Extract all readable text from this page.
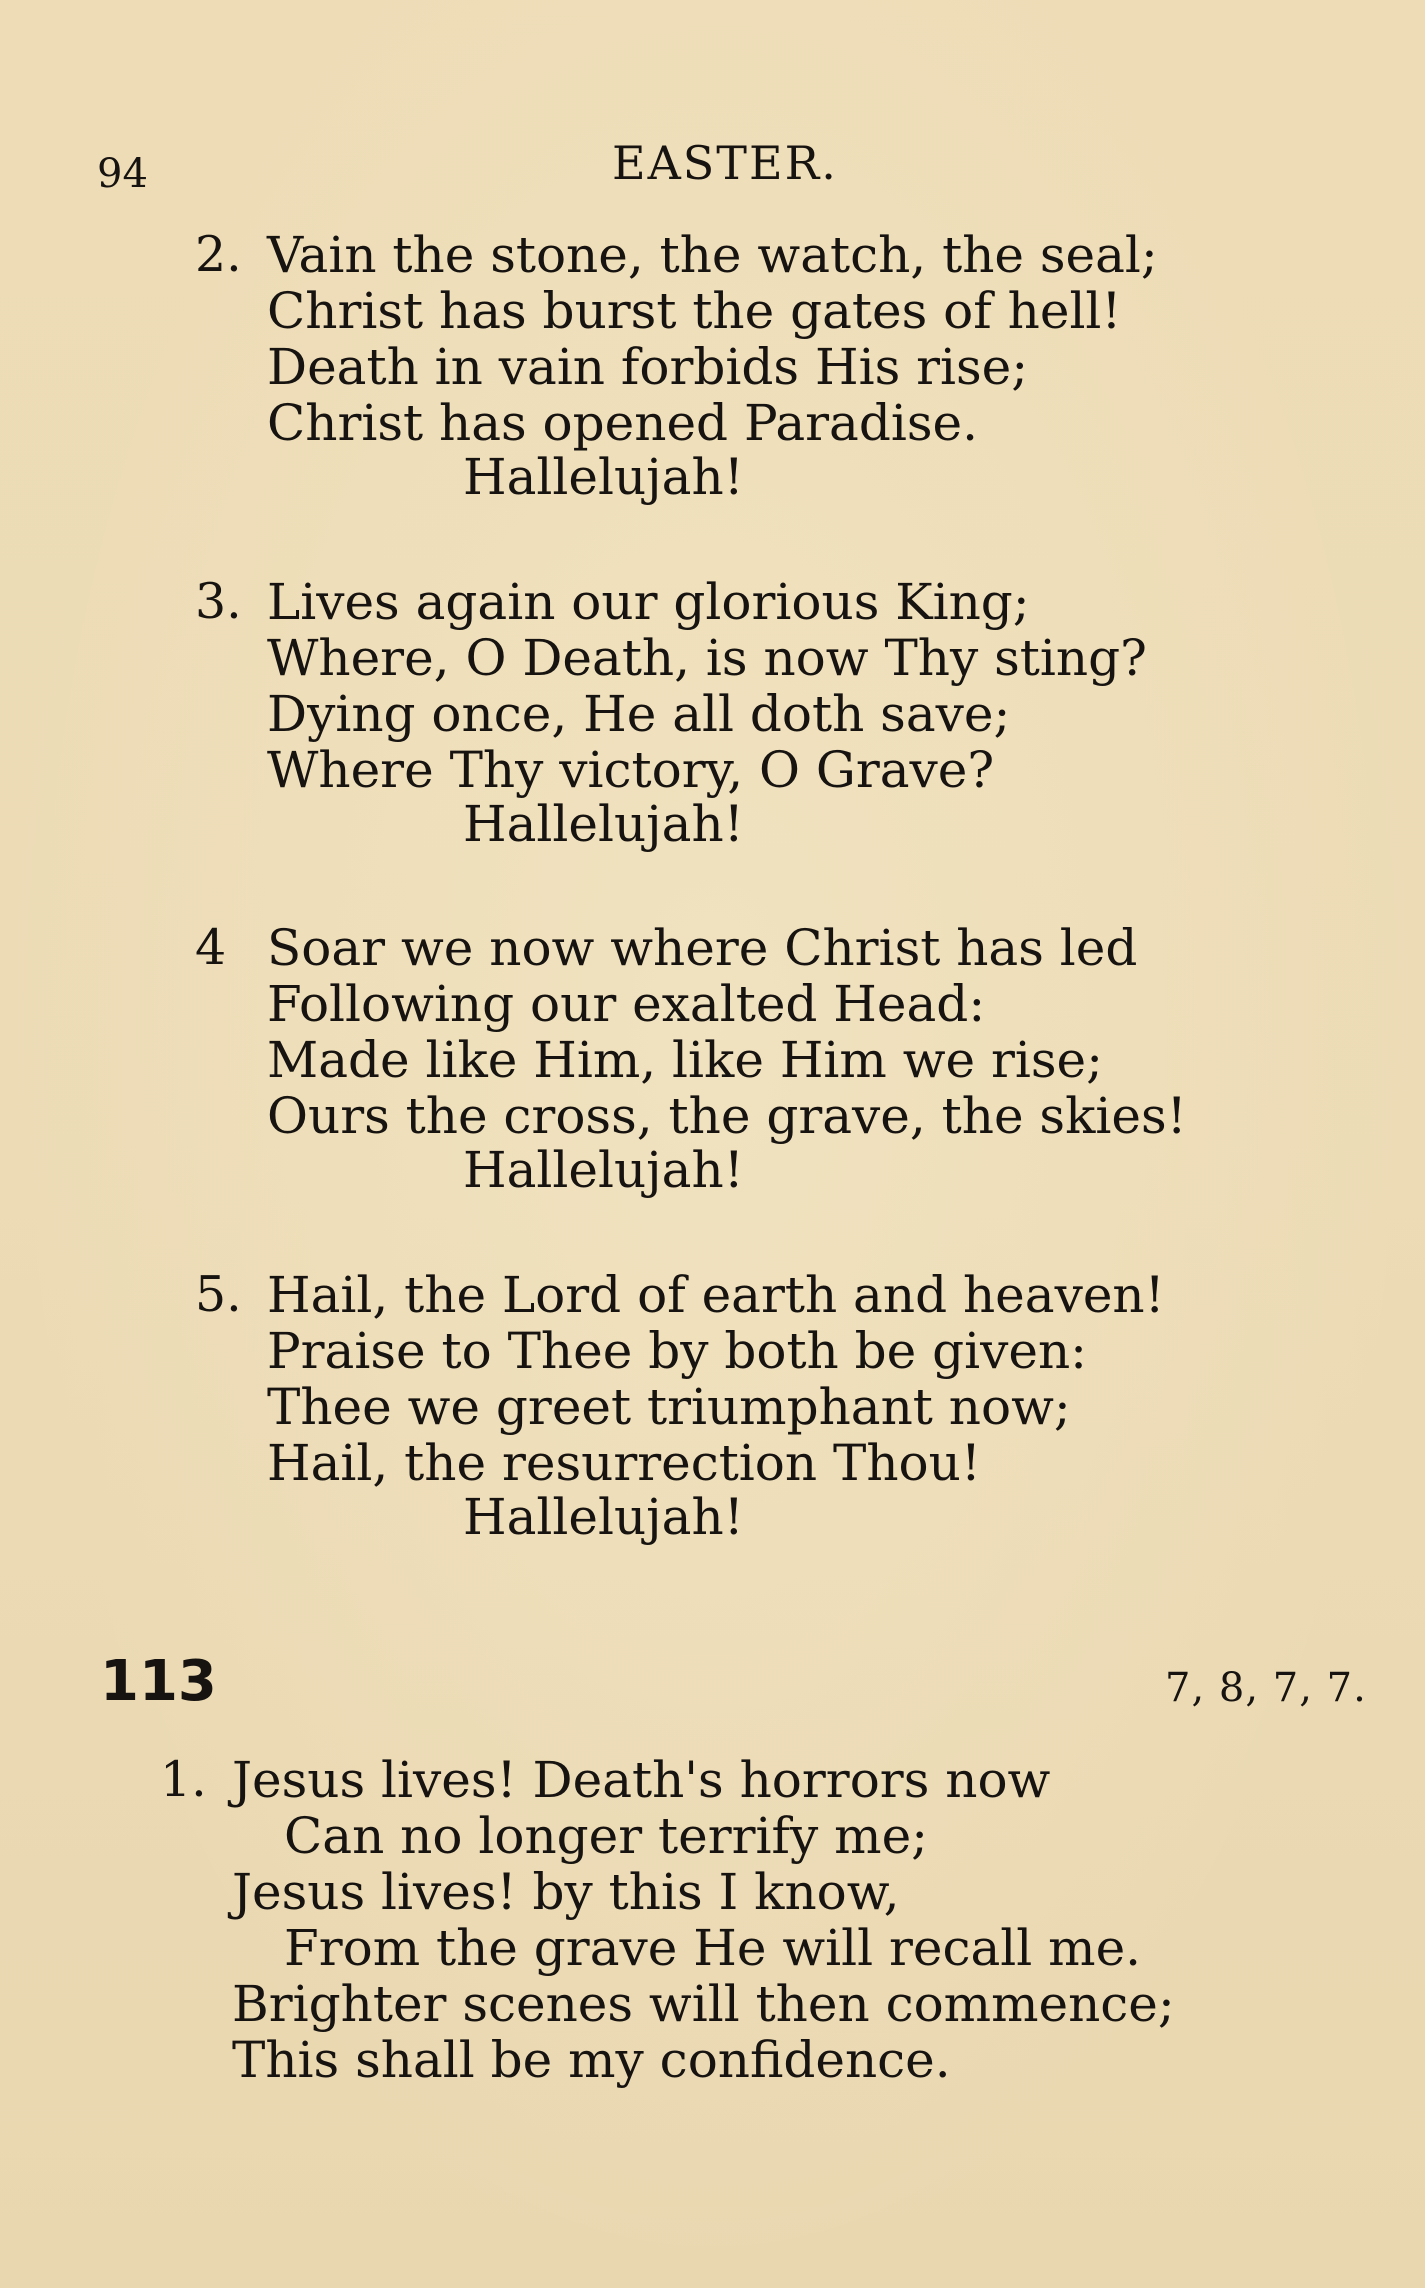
94	EASTER.
2. Vain the stone, the watch, the seal;
Christ has burst the gates of hell!
Death in vain forbids His rise;
Christ has opened Paradise.
Hallelujah!
3. Lives again our glorious King;
Where, O Death, is now Thy sting?
Dying once, He all doth save;
Where Thy victory, O Grave?
Hallelujah!
4 Soar we now where Christ has led
Following our exalted Head:
Made like Him, like Him we rise;
Ours the cross, the grave, the skies!
Hallelujah!
5. Hail, the Lord of earth and heaven!
Praise to Thee by both be given:
Thee we greet triumphant now;
Hail, the resurrection Thou!
Hallelujah!
113	7, 8, 7, 7.
1. Jesus lives! Death's horrors now
Can no longer terrify me;
Jesus lives! by this I know,
From the grave He will recall me.
Brighter scenes will then commence;
This shall be my confidence.
